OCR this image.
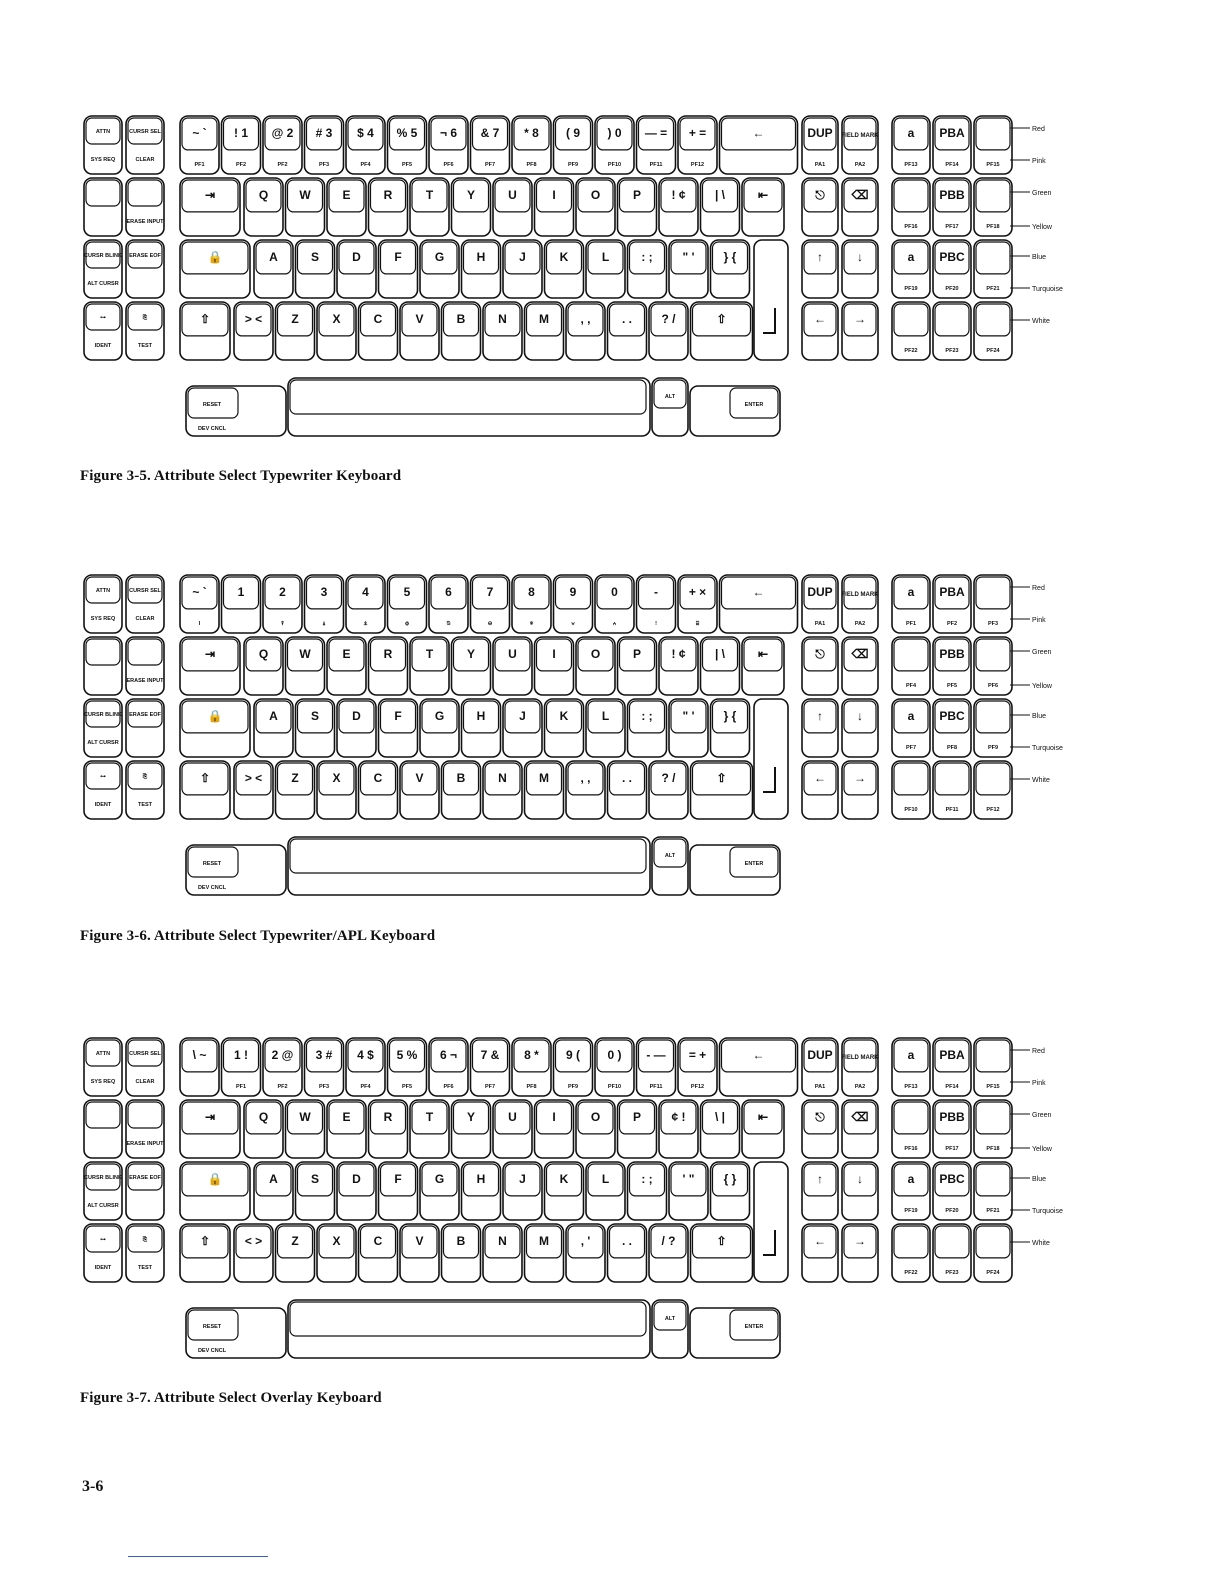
ATTN
SYS REQ
CURSR SEL
CLEAR
ERASE INPUT
CURSR BLINK
ALT CURSR
ERASE EOF
⊶
IDENT
⎘
TEST
~ `
PF1
! 1
PF2
@ 2
PF2
# 3
PF3
$ 4
PF4
% 5
PF5
¬ 6
PF6
& 7
PF7
* 8
PF8
( 9
PF9
) 0
PF10
— =
PF11
+ =
PF12
←
⇥	Q	W	E	R	T	Y	U	I	O	P	! ¢ | \	⇤
🔒	A	S	D	F	G	H	J	K	L	: ; " ' } {
⇧	> < Z	X	C	V	B	N	M	, ,	. . ? /	⇧
RESET
DEV CNCL
ALT
ENTER
DUP
PA1
FIELD MARK
PA2
⎋ ⌫
↑	↓
← →
a
PF13
PBA
PF14	PF15
PF16
PBB
PF17	PF18
a
PF19
PBC
PF20	PF21
PF22	PF23	PF24
Red
Pink
Green
Yellow
Blue
Turquoise
White
Figure 3-5. Attribute Select Typewriter Keyboard
ATTN
SYS REQ
CURSR SEL
CLEAR
ERASE INPUT
CURSR BLINK
ALT CURSR
ERASE EOF
⊶
IDENT
⎘
TEST
~ `
I
1	2
⍒
3
⍋
4
⍎
5
ϕ
6
⍉
7
⊖
8
⍟
9
⍱
0
⍲
-
!
+ ×
⌹
←
⇥	Q	W	E	R	T	Y	U	I	O	P	! ¢ | \	⇤
🔒	A	S	D	F	G	H	J	K	L	: ; " ' } {
⇧	> < Z	X	C	V	B	N	M	, ,	. . ? /	⇧
RESET
DEV CNCL
ALT
ENTER
DUP
PA1
FIELD MARK
PA2
⎋ ⌫
↑	↓
← →
a
PF1
PBA
PF2	PF3
PF4
PBB
PF5	PF6
a
PF7
PBC
PF8	PF9
PF10	PF11	PF12
Red
Pink
Green
Yellow
Blue
Turquoise
White
Figure 3-6. Attribute Select Typewriter/APL Keyboard
ATTN
SYS REQ
CURSR SEL
CLEAR
ERASE INPUT
CURSR BLINK
ALT CURSR
ERASE EOF
⊶
IDENT
⎘
TEST
\ ~ 1 !
PF1
2 @
PF2
3 #
PF3
4 $
PF4
5 %
PF5
6 ¬
PF6
7 &
PF7
8 *
PF8
9 (
PF9
0 )
PF10
- —
PF11
= +
PF12
←
⇥	Q	W	E	R	T	Y	U	I	O	P	¢ ! \ |	⇤
🔒	A	S	D	F	G	H	J	K	L	: ; ' " { }
⇧	< > Z	X	C	V	B	N	M	, '	. . / ?	⇧
RESET
DEV CNCL
ALT
ENTER
DUP
PA1
FIELD MARK
PA2
⎋ ⌫
↑	↓
← →
a
PF13
PBA
PF14	PF15
PF16
PBB
PF17	PF18
a
PF19
PBC
PF20	PF21
PF22	PF23	PF24
Red
Pink
Green
Yellow
Blue
Turquoise
White
Figure 3-7. Attribute Select Overlay Keyboard
3-6
